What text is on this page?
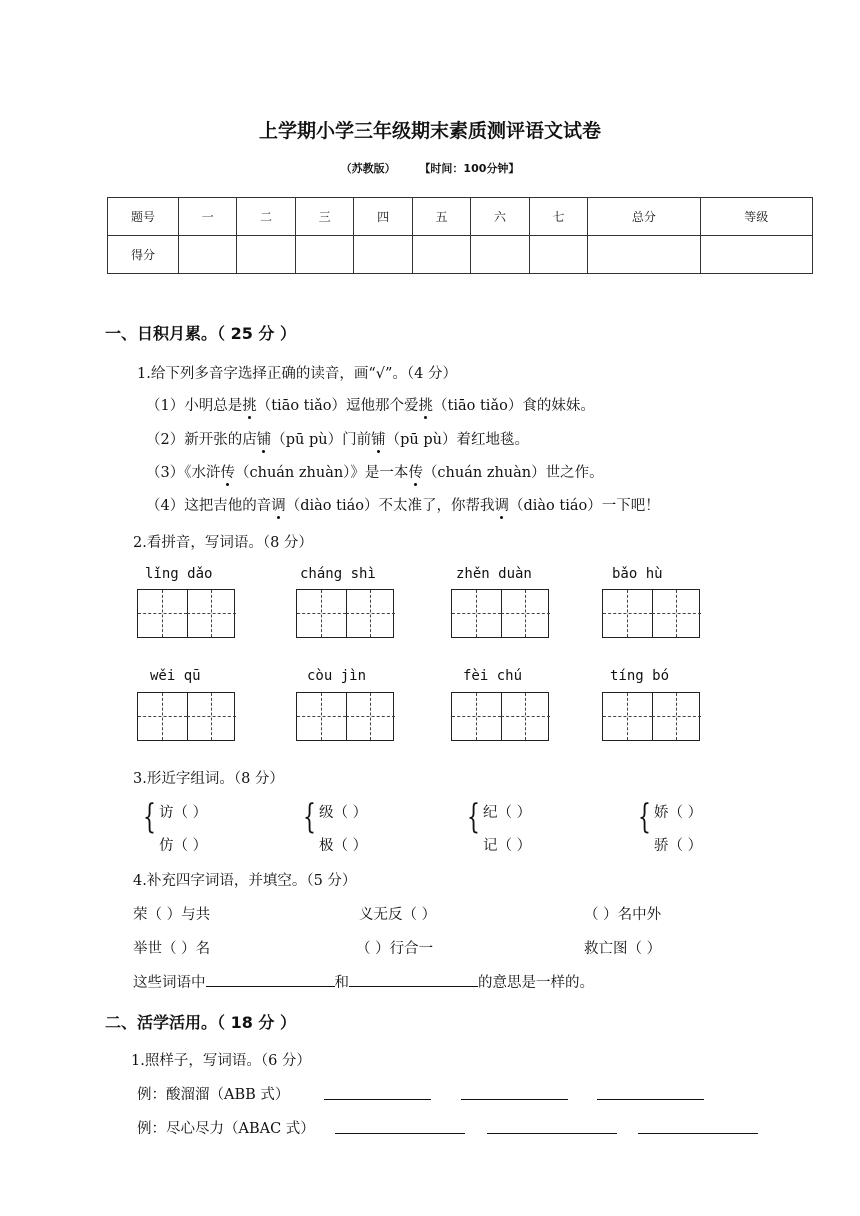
上学期小学三年级期末素质测评语文试卷
（苏教版） 【时间：100分钟】
题号	一	二	三	四	五	六	七	总分	等级
得分									
一、日积月累。（ 25 分 ）
1.给下列多音字选择正确的读音，画“√”。（4 分）
（1）小明总是挑（tiāo tiǎo）逗他那个爱挑（tiāo tiǎo）食的妹妹。
（2）新开张的店铺（pū pù）门前铺（pū pù）着红地毯。
（3）《水浒传（chuán zhuàn）》是一本传（chuán zhuàn）世之作。
（4）这把吉他的音调（diào tiáo）不太准了，你帮我调（diào tiáo）一下吧！
2.看拼音，写词语。（8 分）
lǐng dǎo	cháng shì	zhěn duàn	bǎo hù
wěi qū	còu jìn	fèi chú	tíng bó
3.形近字组词。（8 分）
{ 访（ ）
仿（ ）
{ 级（ ）
极（ ）
{ 纪（ ）
记（ ）
{ 娇（ ）
骄（ ）
4.补充四字词语，并填空。（5 分）
荣（ ）与共	义无反（ ）	（ ）名中外
举世（ ）名	（ ）行合一	救亡图（ ）
这些词语中	和	的意思是一样的。
二、活学活用。（ 18 分 ）
1.照样子，写词语。（6 分）
例：酸溜溜（ABB 式）
例：尽心尽力（ABAC 式）
